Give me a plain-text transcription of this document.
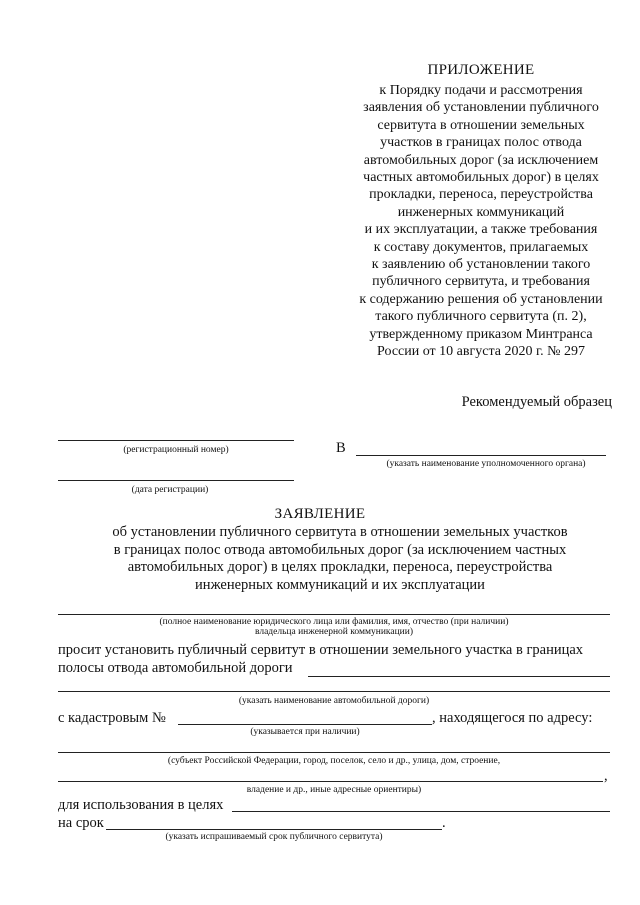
ПРИЛОЖЕНИЕ
к Порядку подачи и рассмотрения
заявления об установлении публичного
сервитута в отношении земельных
участков в границах полос отвода
автомобильных дорог (за исключением
частных автомобильных дорог) в целях
прокладки, переноса, переустройства
инженерных коммуникаций
и их эксплуатации, а также требования
к составу документов, прилагаемых
к заявлению об установлении такого
публичного сервитута, и требования
к содержанию решения об установлении
такого публичного сервитута (п. 2),
утвержденному приказом Минтранса
России от 10 августа 2020 г. № 297
Рекомендуемый образец
(регистрационный номер)
(дата регистрации)
В
(указать наименование уполномоченного органа)
ЗАЯВЛЕНИЕ
об установлении публичного сервитута в отношении земельных участков
в границах полос отвода автомобильных дорог (за исключением частных
автомобильных дорог) в целях прокладки, переноса, переустройства
инженерных коммуникаций и их эксплуатации
(полное наименование юридического лица или фамилия, имя, отчество (при наличии)
владельца инженерной коммуникации)
просит установить публичный сервитут в отношении земельного участка в границах
полосы отвода автомобильной дороги
(указать наименование автомобильной дороги)
с кадастровым №	, находящегося по адресу:
(указывается при наличии)
(субъект Российской Федерации, город, поселок, село и др., улица, дом, строение,
,
владение и др., иные адресные ориентиры)
для использования в целях
на срок	.
(указать испрашиваемый срок публичного сервитута)
